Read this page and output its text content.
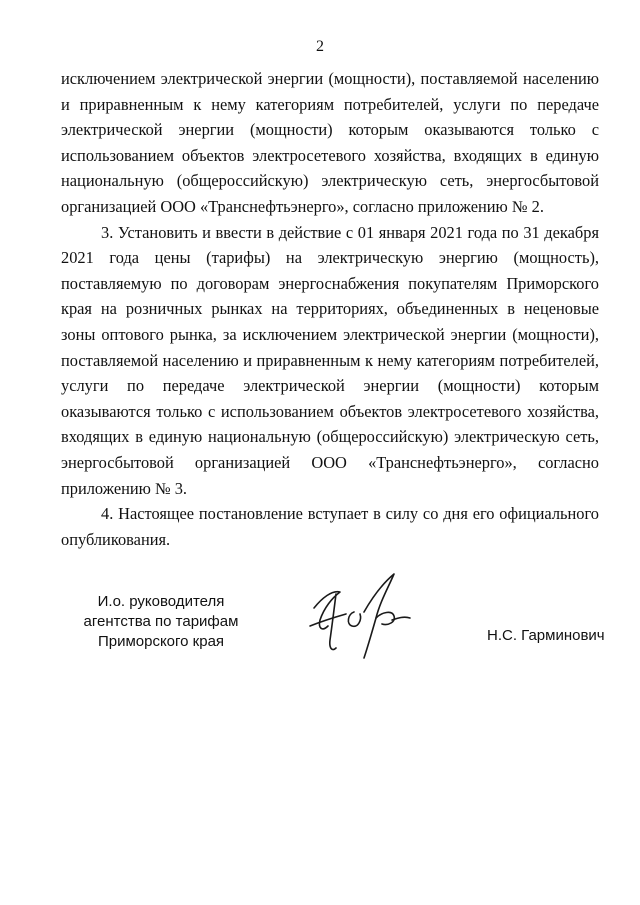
2

исключением электрической энергии (мощности), поставляемой населению и приравненным к нему категориям потребителей, услуги по передаче электрической энергии (мощности) которым оказываются только с использованием объектов электросетевого хозяйства, входящих в единую национальную (общероссийскую) электрическую сеть, энергосбытовой организацией ООО «Транснефтьэнерго», согласно приложению № 2.

3. Установить и ввести в действие с 01 января 2021 года по 31 декабря 2021 года цены (тарифы) на электрическую энергию (мощность), поставляемую по договорам энергоснабжения покупателям Приморского края на розничных рынках на территориях, объединенных в неценовые зоны оптового рынка, за исключением электрической энергии (мощности), поставляемой населению и приравненным к нему категориям потребителей, услуги по передаче электрической энергии (мощности) которым оказываются только с использованием объектов электросетевого хозяйства, входящих в единую национальную (общероссийскую) электрическую сеть, энергосбытовой организацией ООО «Транснефтьэнерго», согласно приложению № 3.

4. Настоящее постановление вступает в силу со дня его официального опубликования.

И.о. руководителя
агентства по тарифам
Приморского края	Н.С. Гарминович
